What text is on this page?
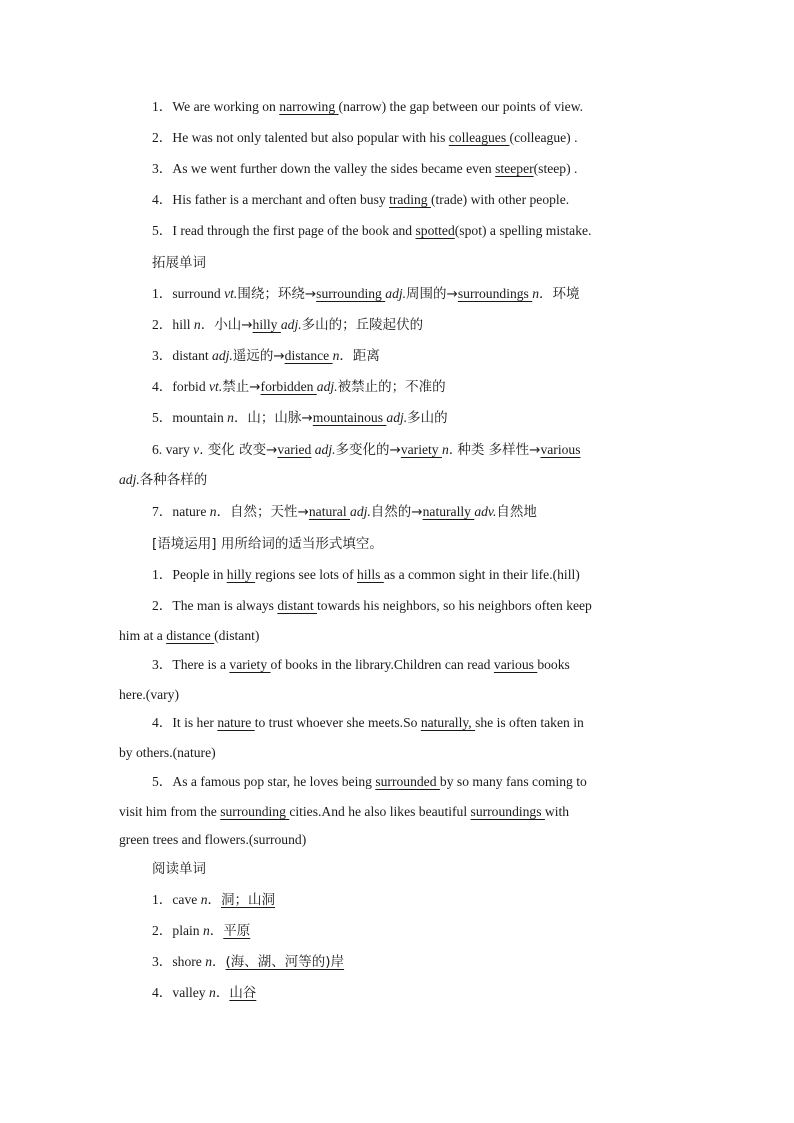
1．We are working on narrowing (narrow) the gap between our points of view.
2．He was not only talented but also popular with his colleagues (colleague) .
3．As we went further down the valley the sides became even steeper(steep) .
4．His father is a merchant and often busy trading (trade) with other people.
5．I read through the first page of the book and spotted(spot) a spelling mistake.
拓展单词
1．surround vt.围绕；环绕→surrounding adj.周围的→surroundings n．环境
2．hill n．小山→hilly adj.多山的；丘陵起伏的
3．distant adj.遥远的→distance n．距离
4．forbid vt.禁止→forbidden adj.被禁止的；不准的
5．mountain n．山；山脉→mountainous adj.多山的
6. vary v. 变化 改变→varied adj.多变化的→variety n. 种类 多样性→various
adj.各种各样的
7．nature n．自然；天性→natural adj.自然的→naturally adv.自然地
[语境运用] 用所给词的适当形式填空。
1．People in hilly regions see lots of hills as a common sight in their life.(hill)
2．The man is always distant towards his neighbors, so his neighbors often keep
him at a distance (distant)
3．There is a variety of books in the library.Children can read various books
here.(vary)
4．It is her nature to trust whoever she meets.So naturally, she is often taken in
by others.(nature)
5．As a famous pop star, he loves being surrounded by so many fans coming to
visit him from the surrounding cities.And he also likes beautiful surroundings with
green trees and flowers.(surround)
阅读单词
1．cave n．洞；山洞
2．plain n．平原
3．shore n．(海、湖、河等的)岸
4．valley n．山谷
